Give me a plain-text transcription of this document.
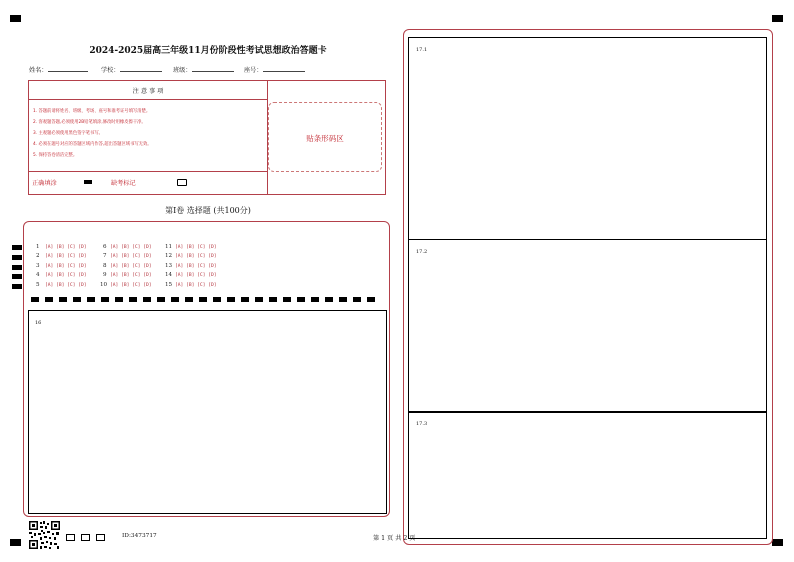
2024-2025届高三年级11月份阶段性考试思想政治答题卡
姓名：	学校：	班级：	座号：
注 意 事 项
1. 答题前请将姓名、班级、考场、座号和准考证号填写清楚。
2. 客观题答题,必须使用2B铅笔填涂,修改时用橡皮擦干净。
3. 主观题必须使用黑色签字笔书写。
4. 必须在题号对应的答题区域内作答,超出答题区域书写无效。
5. 保持答卷清洁完整。
正确填涂	缺考标记
贴条形码区
第Ⅰ卷 选择题 (共100分)
1 [A] [B] [C] [D]
2 [A] [B] [C] [D]
3 [A] [B] [C] [D]
4 [A] [B] [C] [D]
5 [A] [B] [C] [D]
6 [A] [B] [C] [D]
7 [A] [B] [C] [D]
8 [A] [B] [C] [D]
9 [A] [B] [C] [D]
10 [A] [B] [C] [D]
11 [A] [B] [C] [D]
12 [A] [B] [C] [D]
13 [A] [B] [C] [D]
14 [A] [B] [C] [D]
15 [A] [B] [C] [D]
16
17.1
17.2
17.3
ID:3473717	第 1 页 共 2 页
